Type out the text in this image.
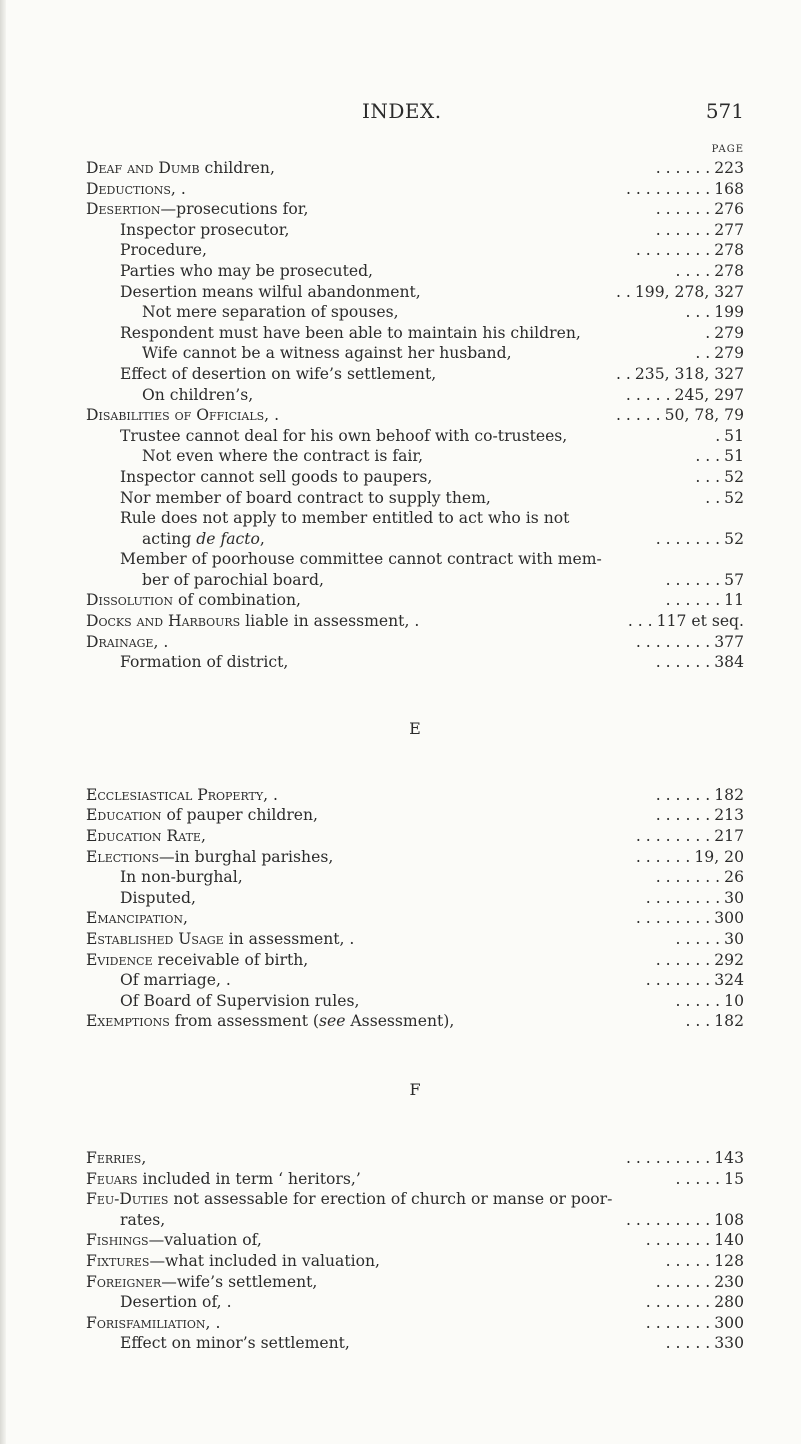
INDEX.	571
PAGE
Deaf and Dumb children,	. . . . . . 223
Deductions, .	. . . . . . . . . 168
Desertion—prosecutions for,	. . . . . . 276
Inspector prosecutor,	. . . . . . 277
Procedure,	. . . . . . . . 278
Parties who may be prosecuted,	. . . . 278
Desertion means wilful abandonment,	. . 199, 278, 327
Not mere separation of spouses,	. . . 199
Respondent must have been able to maintain his children,	. 279
Wife cannot be a witness against her husband,	. . 279
Effect of desertion on wife’s settlement,	. . 235, 318, 327
On children’s,	. . . . . 245, 297
Disabilities of Officials, .	. . . . . 50, 78, 79
Trustee cannot deal for his own behoof with co-trustees,	. 51
Not even where the contract is fair,	. . . 51
Inspector cannot sell goods to paupers,	. . . 52
Nor member of board contract to supply them,	. . 52
Rule does not apply to member entitled to act who is not
acting de facto,	. . . . . . . 52
Member of poorhouse committee cannot contract with mem-
ber of parochial board,	. . . . . . 57
Dissolution of combination,	. . . . . . 11
Docks and Harbours liable in assessment, .	. . . 117 et seq.
Drainage, .	. . . . . . . . 377
Formation of district,	. . . . . . 384
E
Ecclesiastical Property, .	. . . . . . 182
Education of pauper children,	. . . . . . 213
Education Rate,	. . . . . . . . 217
Elections—in burghal parishes,	. . . . . . 19, 20
In non-burghal,	. . . . . . . 26
Disputed,	. . . . . . . . 30
Emancipation,	. . . . . . . . 300
Established Usage in assessment, .	. . . . . 30
Evidence receivable of birth,	. . . . . . 292
Of marriage, .	. . . . . . . 324
Of Board of Supervision rules,	. . . . . 10
Exemptions from assessment (see Assessment),	. . . 182
F
Ferries,	. . . . . . . . . 143
Feuars included in term ‘ heritors,’	. . . . . 15
Feu-Duties not assessable for erection of church or manse or poor-
rates,	. . . . . . . . . 108
Fishings—valuation of,	. . . . . . . 140
Fixtures—what included in valuation,	. . . . . 128
Foreigner—wife’s settlement,	. . . . . . 230
Desertion of, .	. . . . . . . 280
Forisfamiliation, .	. . . . . . . 300
Effect on minor’s settlement,	. . . . . 330
